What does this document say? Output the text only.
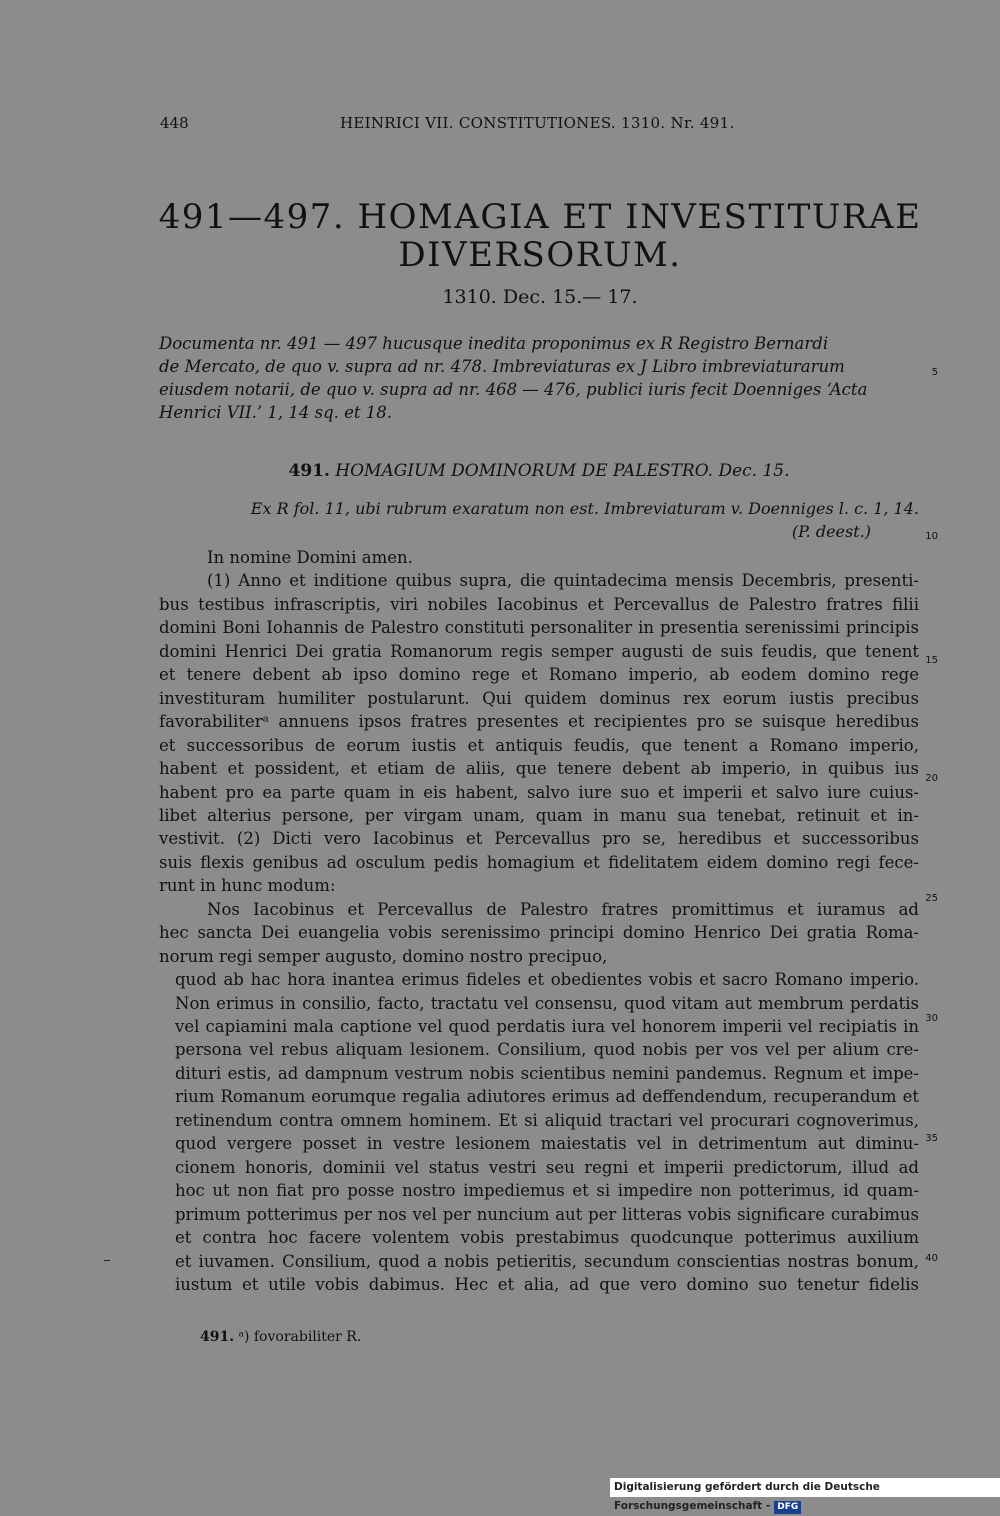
448	HEINRICI VII. CONSTITUTIONES. 1310. Nr. 491.
491—497. HOMAGIA ET INVESTITURAE
DIVERSORUM.
1310. Dec. 15.— 17.
Documenta nr. 491 — 497 hucusque inedita proponimus ex R Registro Bernardi
de Mercato, de quo v. supra ad nr. 478. Imbreviaturas ex J Libro imbreviaturarum
eiusdem notarii, de quo v. supra ad nr. 468 — 476, publici iuris fecit Doenniges ‘Acta
Henrici VII.’ 1, 14 sq. et 18.
491. HOMAGIUM DOMINORUM DE PALESTRO. Dec. 15.
Ex R fol. 11, ubi rubrum exaratum non est. Imbreviaturam v. Doenniges l. c. 1, 14.
(P. deest.)
In nomine Domini amen.
(1) Anno et inditione quibus supra, die quintadecima mensis Decembris, presenti-
bus testibus infrascriptis, viri nobiles Iacobinus et Percevallus de Palestro fratres filii
domini Boni Iohannis de Palestro constituti personaliter in presentia serenissimi principis
domini Henrici Dei gratia Romanorum regis semper augusti de suis feudis, que tenent
et tenere debent ab ipso domino rege et Romano imperio, ab eodem domino rege
investituram humiliter postularunt. Qui quidem dominus rex eorum iustis precibus
favorabiliterᵃ annuens ipsos fratres presentes et recipientes pro se suisque heredibus
et successoribus de eorum iustis et antiquis feudis, que tenent a Romano imperio,
habent et possident, et etiam de aliis, que tenere debent ab imperio, in quibus ius
habent pro ea parte quam in eis habent, salvo iure suo et imperii et salvo iure cuius-
libet alterius persone, per virgam unam, quam in manu sua tenebat, retinuit et in-
vestivit. (2) Dicti vero Iacobinus et Percevallus pro se, heredibus et successoribus
suis flexis genibus ad osculum pedis homagium et fidelitatem eidem domino regi fece-
runt in hunc modum:
Nos Iacobinus et Percevallus de Palestro fratres promittimus et iuramus ad
hec sancta Dei euangelia vobis serenissimo principi domino Henrico Dei gratia Roma-
norum regi semper augusto, domino nostro precipuo,
quod ab hac hora inantea erimus fideles et obedientes vobis et sacro Romano imperio.
Non erimus in consilio, facto, tractatu vel consensu, quod vitam aut membrum perdatis
vel capiamini mala captione vel quod perdatis iura vel honorem imperii vel recipiatis in
persona vel rebus aliquam lesionem. Consilium, quod nobis per vos vel per alium cre-
dituri estis, ad dampnum vestrum nobis scientibus nemini pandemus. Regnum et impe-
rium Romanum eorumque regalia adiutores erimus ad deffendendum, recuperandum et
retinendum contra omnem hominem. Et si aliquid tractari vel procurari cognoverimus,
quod vergere posset in vestre lesionem maiestatis vel in detrimentum aut diminu-
cionem honoris, dominii vel status vestri seu regni et imperii predictorum, illud ad
hoc ut non fiat pro posse nostro impediemus et si impedire non potterimus, id quam-
primum potterimus per nos vel per nuncium aut per litteras vobis significare curabimus
et contra hoc facere volentem vobis prestabimus quodcunque potterimus auxilium
et iuvamen. Consilium, quod a nobis petieritis, secundum conscientias nostras bonum,
iustum et utile vobis dabimus. Hec et alia, ad que vero domino suo tenetur fidelis
5
10
15
20
25
30
35
40
491. ᵃ) fovorabiliter R.
Digitalisierung gefördert durch die Deutsche Forschungsgemeinschaft - DFG
